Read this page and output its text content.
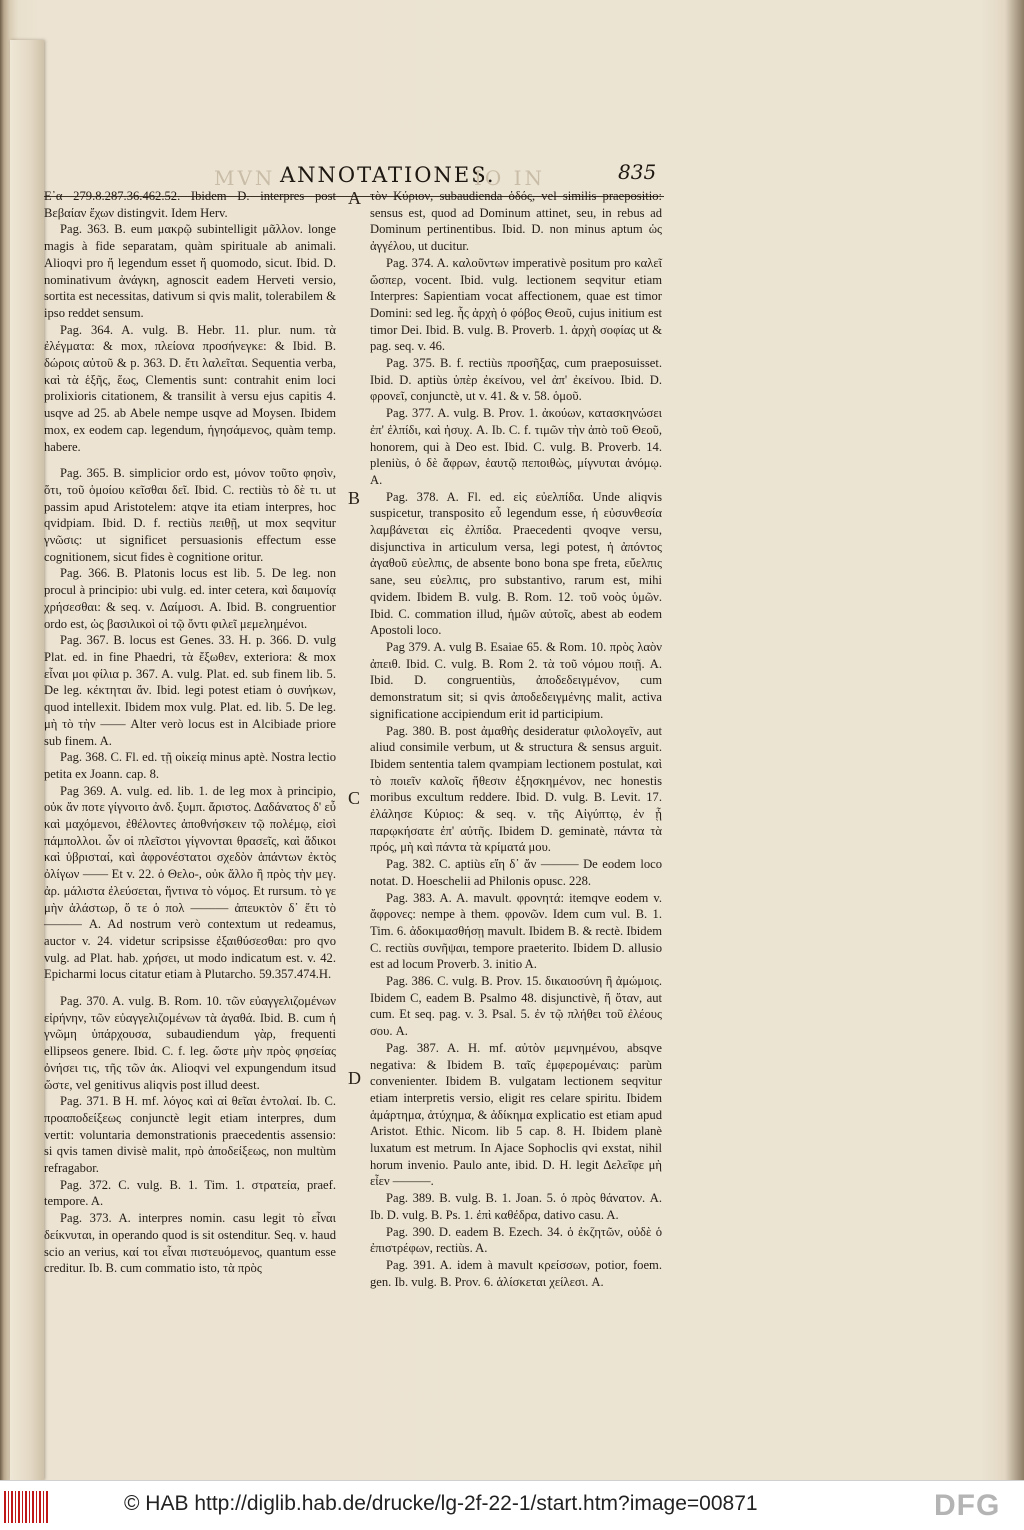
MVN ANNOTATIONES.
IO IN	835

Ε᾿α 279.8.287.36.462.52. Ibidem D. interpres post Βεβαίαν ἔχων distingvit. Idem Herv.

Pag. 363. B. eum μακρῷ subintelligit μᾶλλον. longe magis à fide separatam, quàm spirituale ab animali. Alioqvi pro ἤ legendum esset ἤ quomodo, sicut. Ibid. D. nominativum ἀνάγκη, agnoscit eadem Herveti versio, sortita est necessitas, dativum si qvis malit, tolerabilem & ipso reddet sensum.

Pag. 364. A. vulg. B. Hebr. 11. plur. num. τὰ ἐλέγματα: & mox, πλείονα προσήνεγκε: & Ibid. B. δώροις αὐτοῦ & p. 363. D. ἔτι λαλεῖται. Sequentia verba, καὶ τὰ ἑξῆς, ἕως, Clementis sunt: contrahit enim loci prolixioris citationem, & transilit à versu ejus capitis 4. usqve ad 25. ab Abele nempe usqve ad Moysen. Ibidem mox, ex eodem cap. legendum, ἡγησάμενος, quàm temp. habere.

Pag. 365. B. simplicior ordo est, μόνον τοῦτο φησὶν, ὅτι, τοῦ ὁμοίου κεῖσθαι δεῖ. Ibid. C. rectiùs τὸ δὲ τι. ut passim apud Aristotelem: atqve ita etiam interpres, hoc qvidpiam. Ibid. D. f. rectiùs πειθῇ, ut mox seqvitur γνῶσις: ut significet persuasionis effectum esse cognitionem, sicut fides è cognitione oritur.

Pag. 366. B. Platonis locus est lib. 5. De leg. non procul à principio: ubi vulg. ed. inter cetera, καὶ δαιμονίᾳ χρήσεσθαι: & seq. v. Δαίμοσι. A. Ibid. B. congruentior ordo est, ὡς βασιλικοὶ οἱ τῷ ὄντι φιλεῖ μεμελημένοι.

Pag. 367. B. locus est Genes. 33. H. p. 366. D. vulg Plat. ed. in fine Phaedri, τὰ ἔξωθεν, exteriora: & mox εἶναι μοι φίλια p. 367. A. vulg. Plat. ed. sub finem lib. 5. De leg. κέκτηται ἄν. Ibid. legi potest etiam ὁ συνήκων, quod intellexit. Ibidem mox vulg. Plat. ed. lib. 5. De leg. μὴ τὸ τὴν —— Alter verò locus est in Alcibiade priore sub finem. A.

Pag. 368. C. Fl. ed. τῇ οἰκείᾳ minus aptè. Nostra lectio petita ex Joann. cap. 8.

Pag 369. A. vulg. ed. lib. 1. de leg mox à principio, οὐκ ἄν ποτε γίγνοιτο ἀνδ. ξυμπ. ἄριστος. Δαδάνατος δ' εὖ καὶ μαχόμενοι, ἐθέλοντες ἀποθνήσκειν τῷ πολέμῳ, εἰσὶ πάμπολλοι. ὧν οἱ πλεῖστοι γίγνονται θρασεῖς, καὶ ἄδικοι καὶ ὑβρισταί, καὶ ἀφρονέστατοι σχεδὸν ἁπάντων ἐκτὸς ὀλίγων —— Et v. 22. ὁ Θελο-, οὐκ ἄλλο ἢ πρὸς τὴν μεγ. ἀρ. μάλιστα ἐλεύσεται, ἥντινα τὸ νόμος. Et rursum. τὸ γε μὴν ἀλάστωρ, ὅ τε ὁ πολ ——— ἀπευκτὸν δ᾽ ἔτι τὸ ——— A. Ad nostrum verò contextum ut redeamus, auctor v. 24. videtur scripsisse ἐξαιθύσεσθαι: pro qvo vulg. ad Plat. hab. χρήσει, ut modo indicatum est. v. 42. Epicharmi locus citatur etiam à Plutarcho. 59.357.474.H.

Pag. 370. A. vulg. B. Rom. 10. τῶν εὐαγγελιζομένων εἰρήνην, τῶν εὐαγγελιζομένων τὰ ἀγαθά. Ibid. B. cum ἡ γνῶμη ὑπάρχουσα, subaudiendum γὰρ, frequenti ellipseos genere. Ibid. C. f. leg. ὥστε μὴν πρὸς φησείας ὀνήσει τις, τῆς τῶν ἀκ. Alioqvi vel expungendum itsud ὥστε, vel genitivus aliqvis post illud deest.

Pag. 371. B H. mf. λόγος καὶ αἱ θεῖαι ἐντολαί. Ib. C. προαποδείξεως conjunctè legit etiam interpres, dum vertit: voluntaria demonstrationis praecedentis assensio: si qvis tamen divisè malit, πρὸ ἀποδείξεως, non multùm refragabor.

Pag. 372. C. vulg. B. 1. Tim. 1. στρατεία, praef. tempore. A.

Pag. 373. A. interpres nomin. casu legit τὸ εἶναι δείκνυται, in operando quod is sit ostenditur. Seq. v. haud scio an verius, καί τοι εἶναι πιστευόμενος, quantum esse creditur. Ib. B. cum commatio isto, τὰ πρὸς

A
B
C
D

τὸν Κύριον, subaudienda ὁδός, vel similis praepositio: sensus est, quod ad Dominum attinet, seu, in rebus ad Dominum pertinentibus. Ibid. D. non minus aptum ὡς ἀγγέλου, ut ducitur.

Pag. 374. A. καλοῦντων imperativè positum pro καλεῖ ὥσπερ, vocent. Ibid. vulg. lectionem seqvitur etiam Interpres: Sapientiam vocat affectionem, quae est timor Domini: sed leg. ἧς ἀρχὴ ὁ φόβος Θεοῦ, cujus initium est timor Dei. Ibid. B. vulg. B. Proverb. 1. ἀρχὴ σοφίας ut & pag. seq. v. 46.

Pag. 375. B. f. rectiùs προσῆξας, cum praeposuisset. Ibid. D. aptiùs ὑπὲρ ἐκείνου, vel ἀπ' ἐκείνου. Ibid. D. φρονεῖ, conjunctè, ut v. 41. & v. 58. ὁμοῦ.

Pag. 377. A. vulg. B. Prov. 1. ἀκούων, κατασκηνώσει ἐπ' ἐλπίδι, καὶ ἡσυχ. A. Ib. C. f. τιμῶν τὴν ἀπὸ τοῦ Θεοῦ, honorem, qui à Deo est. Ibid. C. vulg. B. Proverb. 14. pleniùs, ὁ δὲ ἄφρων, ἑαυτῷ πεποιθὼς, μίγνυται ἀνόμῳ. A.

Pag. 378. A. Fl. ed. εἰς εὐελπίδα. Unde aliqvis suspicetur, transposito εὖ legendum esse, ἡ εὐσυνθεσία λαμβάνεται εἰς ἐλπίδα. Praecedenti qvoqve versu, disjunctiva in articulum versa, legi potest, ἡ ἀπόντος ἀγαθοῦ εὐελπις, de absente bono bona spe freta, εὔελπις sane, seu εὐελπις, pro substantivo, rarum est, mihi qvidem. Ibidem B. vulg. B. Rom. 12. τοῦ νοὸς ὑμῶν. Ibid. C. commation illud, ἡμῶν αὐτοῖς, abest ab eodem Apostoli loco.

Pag 379. A. vulg B. Esaiae 65. & Rom. 10. πρὸς λαὸν ἀπειθ. Ibid. C. vulg. B. Rom 2. τὰ τοῦ νόμου ποιῇ. A. Ibid. D. congruentiùs, ἀποδεδειγμένον, cum demonstratum sit; si qvis ἀποδεδειγμένης malit, activa significatione accipiendum erit id participium.

Pag. 380. B. post ἀμαθὴς desideratur φιλολογεῖν, aut aliud consimile verbum, ut & structura & sensus arguit. Ibidem sententia talem qvampiam lectionem postulat, καὶ τὸ ποιεῖν καλοῖς ἤθεσιν ἐξησκημένον, nec honestis moribus excultum reddere. Ibid. D. vulg. B. Levit. 17. ἐλάλησε Κύριος: & seq. v. τῆς Αἰγύπτῳ, ἐν ᾗ παρῳκήσατε ἐπ' αὐτῆς. Ibidem D. geminatè, πάντα τὰ πρός, μὴ καὶ πάντα τὰ κρίματά μου.

Pag. 382. C. aptiùs εἴη δ᾽ ἄν ——— De eodem loco notat. D. Hoeschelii ad Philonis opusc. 228.

Pag. 383. A. A. mavult. φρονητά: itemqve eodem v. ἄφρονες: nempe à them. φρονῶν. Idem cum vul. B. 1. Tim. 6. ἀδοκιμασθήσῃ mavult. Ibidem B. & rectè. Ibidem C. rectiùs συνῆψαι, tempore praeterito. Ibidem D. allusio est ad locum Proverb. 3. initio A.

Pag. 386. C. vulg. B. Prov. 15. δικαιοσύνη ἢ ἀμώμοις. Ibidem C, eadem B. Psalmo 48. disjunctivè, ἤ ὅταν, aut cum. Et seq. pag. v. 3. Psal. 5. ἐν τῷ πλήθει τοῦ ἐλέους σου. A.

Pag. 387. A. H. mf. αὐτὸν μεμνημένου, absqve negativa: & Ibidem B. ταῖς ἐμφερομέναις: parùm convenienter. Ibidem B. vulgatam lectionem seqvitur etiam interpretis versio, eligit res celare spiritu. Ibidem ἁμάρτημα, ἀτύχημα, & ἀδίκημα explicatio est etiam apud Aristot. Ethic. Nicom. lib 5 cap. 8. H. Ibidem planè luxatum est metrum. In Ajace Sophoclis qvi exstat, nihil horum invenio. Paulo ante, ibid. D. H. legit Δελεῖφε μὴ εἶεν ———.

Pag. 389. B. vulg. B. 1. Joan. 5. ὁ πρὸς θάνατον. A. Ib. D. vulg. B. Ps. 1. ἐπὶ καθέδρα, dativo casu. A.

Pag. 390. D. eadem B. Ezech. 34. ὁ ἐκζητῶν, οὐδὲ ὁ ἐπιστρέφων, rectiùs. A.

Pag. 391. A. idem à mavult κρείσσων, potior, foem. gen. Ib. vulg. B. Prov. 6. ἁλίσκεται χείλεσι. A.

© HAB http://diglib.hab.de/drucke/lg-2f-22-1/start.htm?image=00871	DFG
